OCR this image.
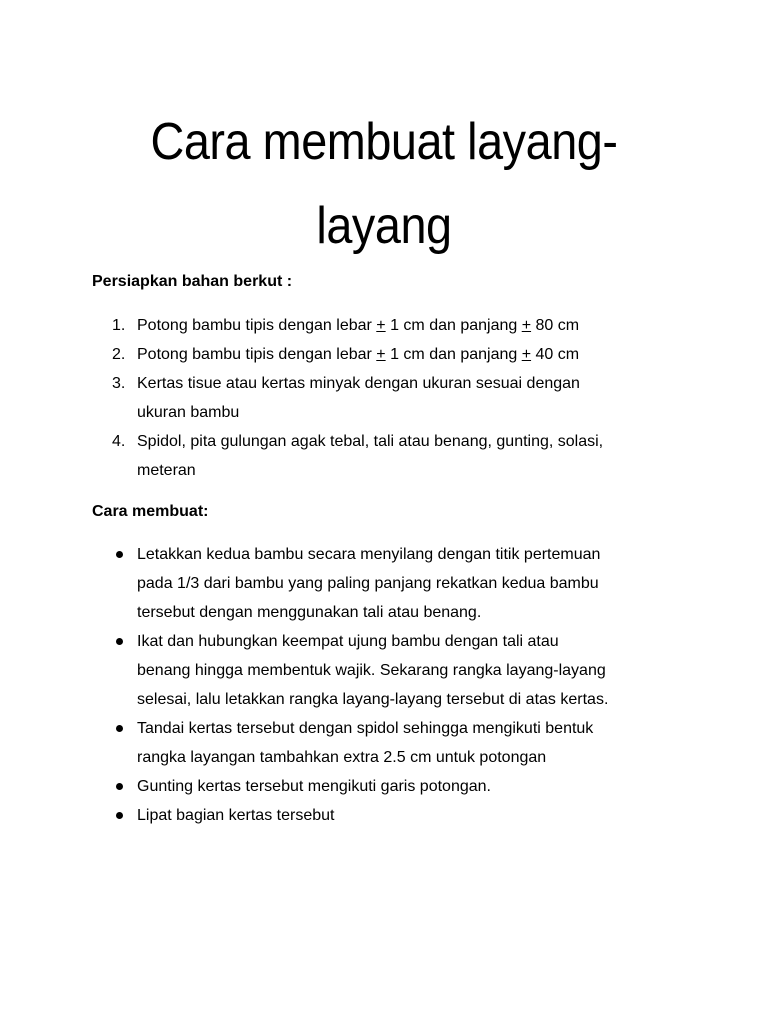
Cara membuat layang-
layang

Persiapkan bahan berkut :

1. Potong bambu tipis dengan lebar + 1 cm dan panjang + 80 cm
2. Potong bambu tipis dengan lebar + 1 cm dan panjang + 40 cm
3. Kertas tisue atau kertas minyak dengan ukuran sesuai dengan
ukuran bambu
4. Spidol, pita gulungan agak tebal, tali atau benang, gunting, solasi,
meteran

Cara membuat:

Letakkan kedua bambu secara menyilang dengan titik pertemuan
pada 1/3 dari bambu yang paling panjang rekatkan kedua bambu
tersebut dengan menggunakan tali atau benang.
Ikat dan hubungkan keempat ujung bambu dengan tali atau
benang hingga membentuk wajik. Sekarang rangka layang-layang
selesai, lalu letakkan rangka layang-layang tersebut di atas kertas.
Tandai kertas tersebut dengan spidol sehingga mengikuti bentuk
rangka layangan tambahkan extra 2.5 cm untuk potongan
Gunting kertas tersebut mengikuti garis potongan.
Lipat bagian kertas tersebut
